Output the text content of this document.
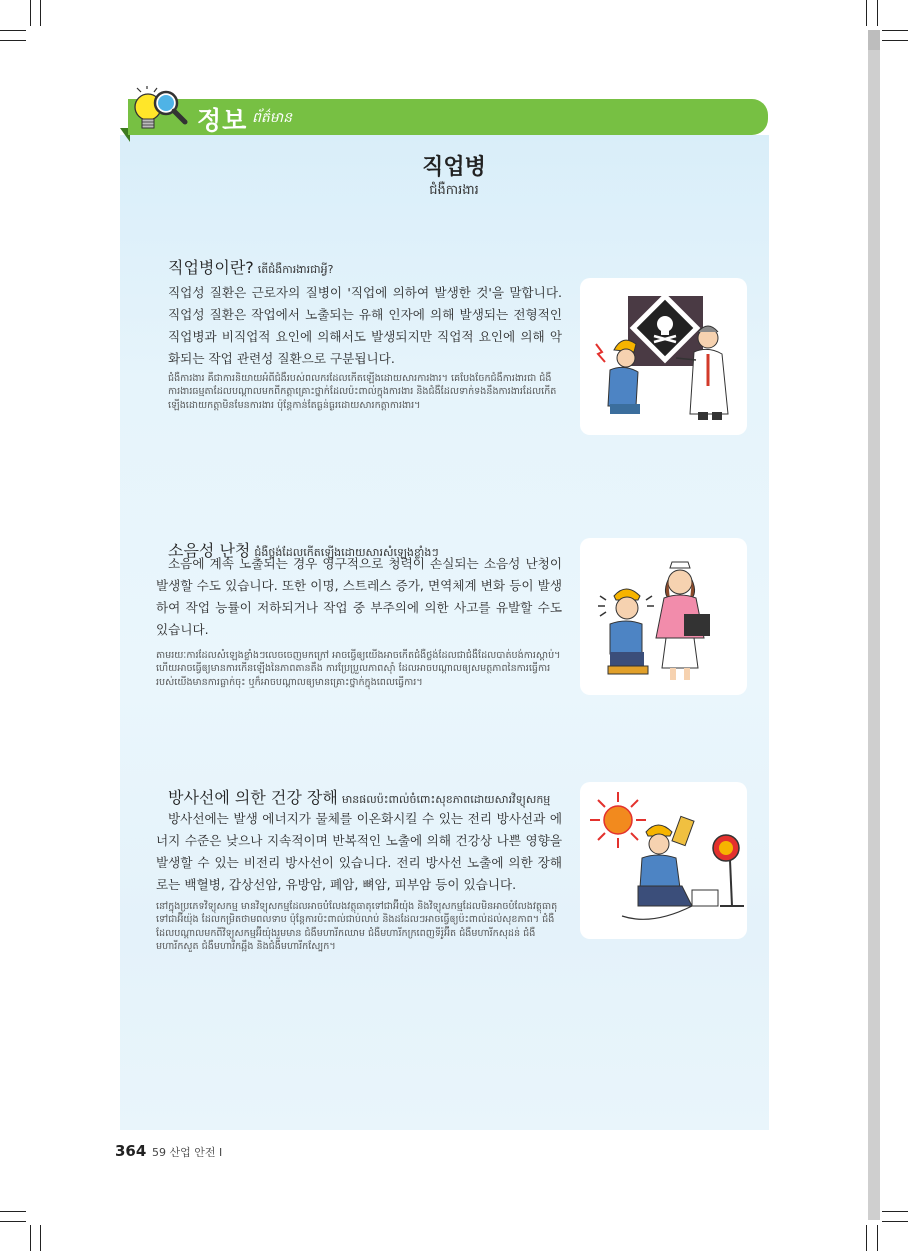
정보 ព័ត៌មាន
직업병
ជំងឺការងារ
직업병이란? តើជំងឺការងារជាអ្វី?
직업성 질환은 근로자의 질병이 '직업에 의하여 발생한 것'을 말합니다. 직업성 질환은 작업에서 노출되는 유해 인자에 의해 발생되는 전형적인 직업병과 비직업적 요인에 의해서도 발생되지만 직업적 요인에 의해 악화되는 작업 관련성 질환으로 구분됩니다.
ជំងឺការងារ គឺជាការនិយាយអំពីជំងឺរបស់ពលករដែលកើតឡើងដោយសារការងារ។ គេបែងចែកជំងឺការងារជា ជំងឺការងារធម្មតាដែលបណ្តាលមកពីកត្តាគ្រោះថ្នាក់ដែលប៉ះពាល់ក្នុងការងារ និងជំងឺដែលទាក់ទងនឹងការងារដែលកើតឡើងដោយកត្តាមិនមែនការងារ ប៉ុន្តែកាន់តែធ្ងន់ធ្ងរដោយសារកត្តាការងារ។
소음성 난청 ជំងឺថ្លង់ដែលកើតឡើងដោយសារសំឡេងខ្លាំងៗ
소음에 계속 노출되는 경우 영구적으로 청력이 손실되는 소음성 난청이 발생할 수도 있습니다. 또한 이명, 스트레스 증가, 면역체계 변화 등이 발생하여 작업 능률이 저하되거나 작업 중 부주의에 의한 사고를 유발할 수도 있습니다.
តាមរយៈការដែលសំឡេងខ្លាំងៗលេចចេញមកក្រៅ អាចធ្វើឲ្យយើងអាចកើតជំងឺថ្លង់ដែលជាជំងឺដែលបាត់បង់ការស្តាប់។ ហើយអាចធ្វើឲ្យមានការកើនឡើងនៃភាពតានតឹង ការប្រែប្រួលភាពស៊ាំ ដែលអាចបណ្តាលឲ្យសមត្ថភាពនៃការធ្វើការរបស់យើងមានការធ្លាក់ចុះ ឬក៏អាចបណ្តាលឲ្យមានគ្រោះថ្នាក់ក្នុងពេលធ្វើការ។
방사선에 의한 건강 장해 មានផលប៉ះពាល់ចំពោះសុខភាពដោយសារវិទ្យុសកម្ម
방사선에는 발생 에너지가 물체를 이온화시킬 수 있는 전리 방사선과 에너지 수준은 낮으나 지속적이며 반복적인 노출에 의해 건강상 나쁜 영향을 발생할 수 있는 비전리 방사선이 있습니다. 전리 방사선 노출에 의한 장해로는 백혈병, 갑상선암, 유방암, 폐암, 뼈암, 피부암 등이 있습니다.
នៅក្នុងប្រភេទវិទ្យុសកម្ម មានវិទ្យុសកម្មដែលអាចបំលែងវត្ថុធាតុទៅជាអ៊ីយ៉ុង និងវិទ្យុសកម្មដែលមិនអាចបំលែងវត្ថុធាតុទៅជាអ៊ីយ៉ុង ដែលកម្រិតថាមពលទាប ប៉ុន្តែការប៉ះពាល់ជាប់លាប់ និងដដែលៗអាចធ្វើឲ្យប៉ះពាល់ដល់សុខភាព។ ជំងឺដែលបណ្តាលមកពីវិទ្យុសកម្មអ៊ីយ៉ុងរួមមាន ជំងឺមហារីកឈាម ជំងឺមហារីកក្រពេញទីរ៉ូអ៊ីត ជំងឺមហារីកសុដន់ ជំងឺមហារីកសួត ជំងឺមហារីកឆ្អឹង និងជំងឺមហារីកស្បែក។
364 59 산업 안전 I
